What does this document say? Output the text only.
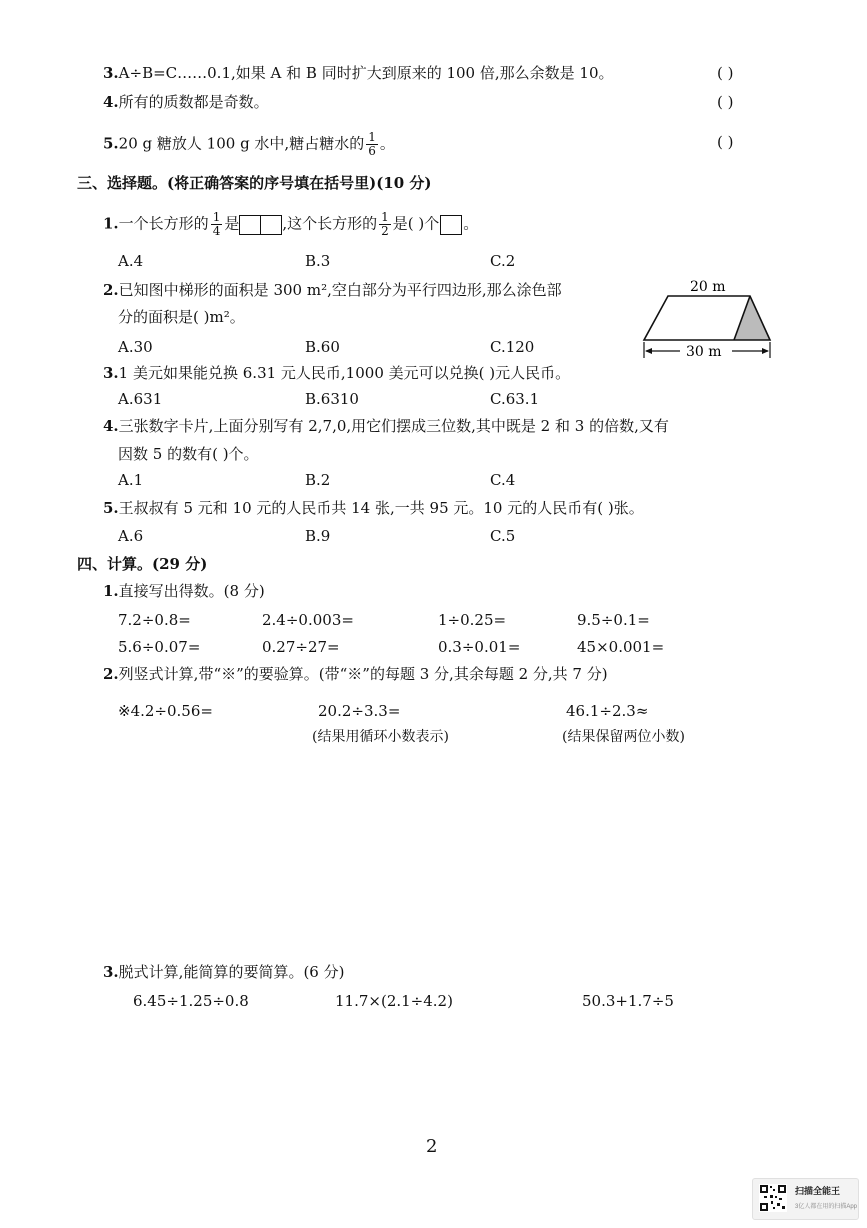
3.A÷B=C……0.1,如果 A 和 B 同时扩大到原来的 100 倍,那么余数是 10。	( )
4.所有的质数都是奇数。	( )
5.20 g 糖放人 100 g 水中,糖占糖水的 $\frac{1}{6}$ 。	( )
三、选择题。(将正确答案的序号填在括号里)(10 分)
1.一个长方形的 $\frac{1}{4}$ 是	,这个长方形的 $\frac{1}{2}$ 是( )个 。
A.4	B.3	C.2
2.已知图中梯形的面积是 300 m²,空白部分为平行四边形,那么涂色部
分的面积是( )m²。
A.30	B.60	C.120
20 m
30 m
3.1 美元如果能兑换 6.31 元人民币,1000 美元可以兑换( )元人民币。
A.631	B.6310	C.63.1
4.三张数字卡片,上面分别写有 2,7,0,用它们摆成三位数,其中既是 2 和 3 的倍数,又有
因数 5 的数有( )个。
A.1	B.2	C.4
5.王叔叔有 5 元和 10 元的人民币共 14 张,一共 95 元。10 元的人民币有( )张。
A.6	B.9	C.5
四、计算。(29 分)
1.直接写出得数。(8 分)
7.2÷0.8=	2.4÷0.003=	1÷0.25=	9.5÷0.1=
5.6÷0.07=	0.27÷27=	0.3÷0.01=	45×0.001=
2.列竖式计算,带“※”的要验算。(带“※”的每题 3 分,其余每题 2 分,共 7 分)
※4.2÷0.56=	20.2÷3.3=	46.1÷2.3≈
(结果用循环小数表示)	(结果保留两位小数)
3.脱式计算,能简算的要简算。(6 分)
6.45÷1.25÷0.8	11.7×(2.1÷4.2)	50.3+1.7÷5
2
扫描全能王
3亿人都在用的扫描App
